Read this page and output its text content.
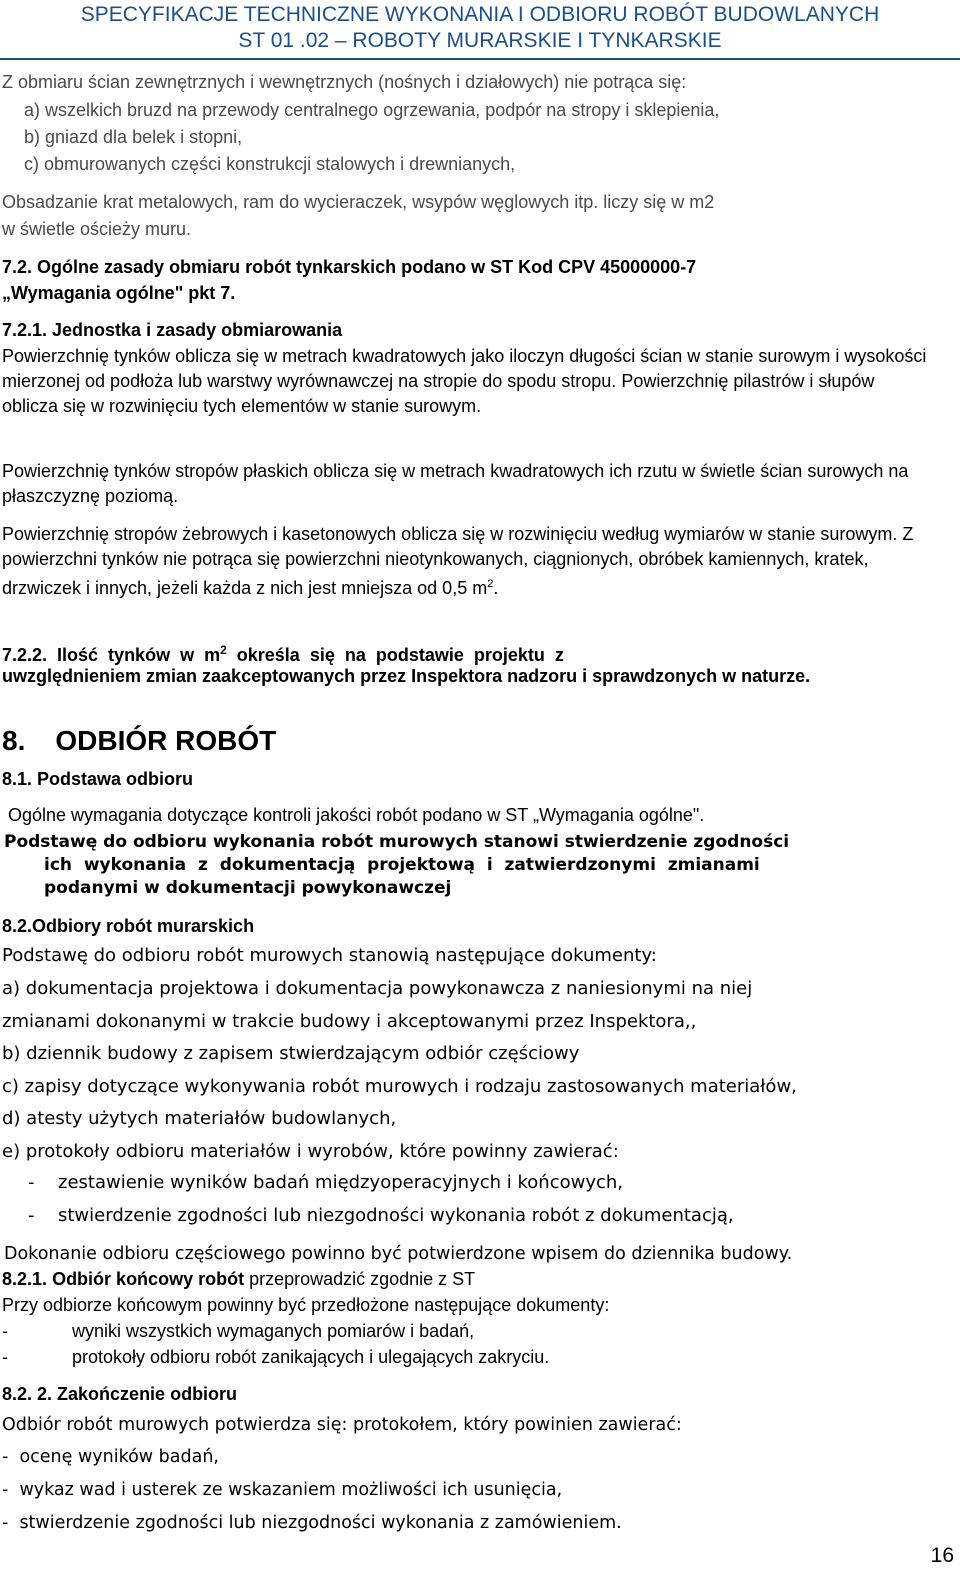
SPECYFIKACJE TECHNICZNE WYKONANIA I ODBIORU ROBÓT BUDOWLANYCH
ST 01 .02 – ROBOTY MURARSKIE I TYNKARSKIE

Z obmiaru ścian zewnętrznych i wewnętrznych (nośnych i działowych) nie potrąca się:

a) wszelkich bruzd na przewody centralnego ogrzewania, podpór na stropy i sklepienia,

b) gniazd dla belek i stopni,

c) obmurowanych części konstrukcji stalowych i drewnianych,

Obsadzanie krat metalowych, ram do wycieraczek, wsypów węglowych itp. liczy się w m2

w świetle ościeży muru.

7.2. Ogólne zasady obmiaru robót tynkarskich podano w ST Kod CPV 45000000-7

„Wymagania ogólne" pkt 7.

7.2.1. Jednostka i zasady obmiarowania

Powierzchnię tynków oblicza się w metrach kwadratowych jako iloczyn długości ścian w stanie surowym i wysokości mierzonej od podłoża lub warstwy wyrównawczej na stropie do spodu stropu. Powierzchnię pilastrów i słupów oblicza się w rozwinięciu tych elementów w stanie surowym.

Powierzchnię tynków stropów płaskich oblicza się w metrach kwadratowych ich rzutu w świetle ścian surowych na płaszczyznę poziomą.

Powierzchnię stropów żebrowych i kasetonowych oblicza się w rozwinięciu według wymiarów w stanie surowym. Z powierzchni tynków nie potrąca się powierzchni nieotynkowanych, ciągnionych, obróbek kamiennych, kratek, drzwiczek i innych, jeżeli każda z nich jest mniejsza od 0,5 $m^2$.

7.2.2.  Ilość  tynków  w  $m^2$  określa  się  na  podstawie  projektu  z

uwzględnieniem zmian zaakceptowanych przez Inspektora nadzoru i sprawdzonych w naturze.

8. ODBIÓR ROBÓT

8.1. Podstawa odbioru

Ogólne wymagania dotyczące kontroli jakości robót podano w ST „Wymagania ogólne".

Podstawę do odbioru wykonania robót murowych stanowi stwierdzenie zgodności

ich  wykonania  z  dokumentacją  projektową  i  zatwierdzonymi  zmianami

podanymi w dokumentacji powykonawczej

8.2.Odbiory robót murarskich

Podstawę do odbioru robót murowych stanowią następujące dokumenty:

a) dokumentacja projektowa i dokumentacja powykonawcza z naniesionymi na niej

zmianami dokonanymi w trakcie budowy i akceptowanymi przez Inspektora,,

b) dziennik budowy z zapisem stwierdzającym odbiór częściowy

c) zapisy dotyczące wykonywania robót murowych i rodzaju zastosowanych materiałów,

d) atesty użytych materiałów budowlanych,

e) protokoły odbioru materiałów i wyrobów, które powinny zawierać:

- zestawienie wyników badań międzyoperacyjnych i końcowych,
- stwierdzenie zgodności lub niezgodności wykonania robót z dokumentacją,

Dokonanie odbioru częściowego powinno być potwierdzone wpisem do dziennika budowy.

8.2.1. Odbiór końcowy robót przeprowadzić zgodnie z ST

Przy odbiorze końcowym powinny być przedłożone następujące dokumenty:

-	wyniki wszystkich wymaganych pomiarów i badań,
-	protokoły odbioru robót zanikających i ulegających zakryciu.

8.2. 2. Zakończenie odbioru

Odbiór robót murowych potwierdza się: protokołem, który powinien zawierać:

-  ocenę wyników badań,

-  wykaz wad i usterek ze wskazaniem możliwości ich usunięcia,

-  stwierdzenie zgodności lub niezgodności wykonania z zamówieniem.

16
